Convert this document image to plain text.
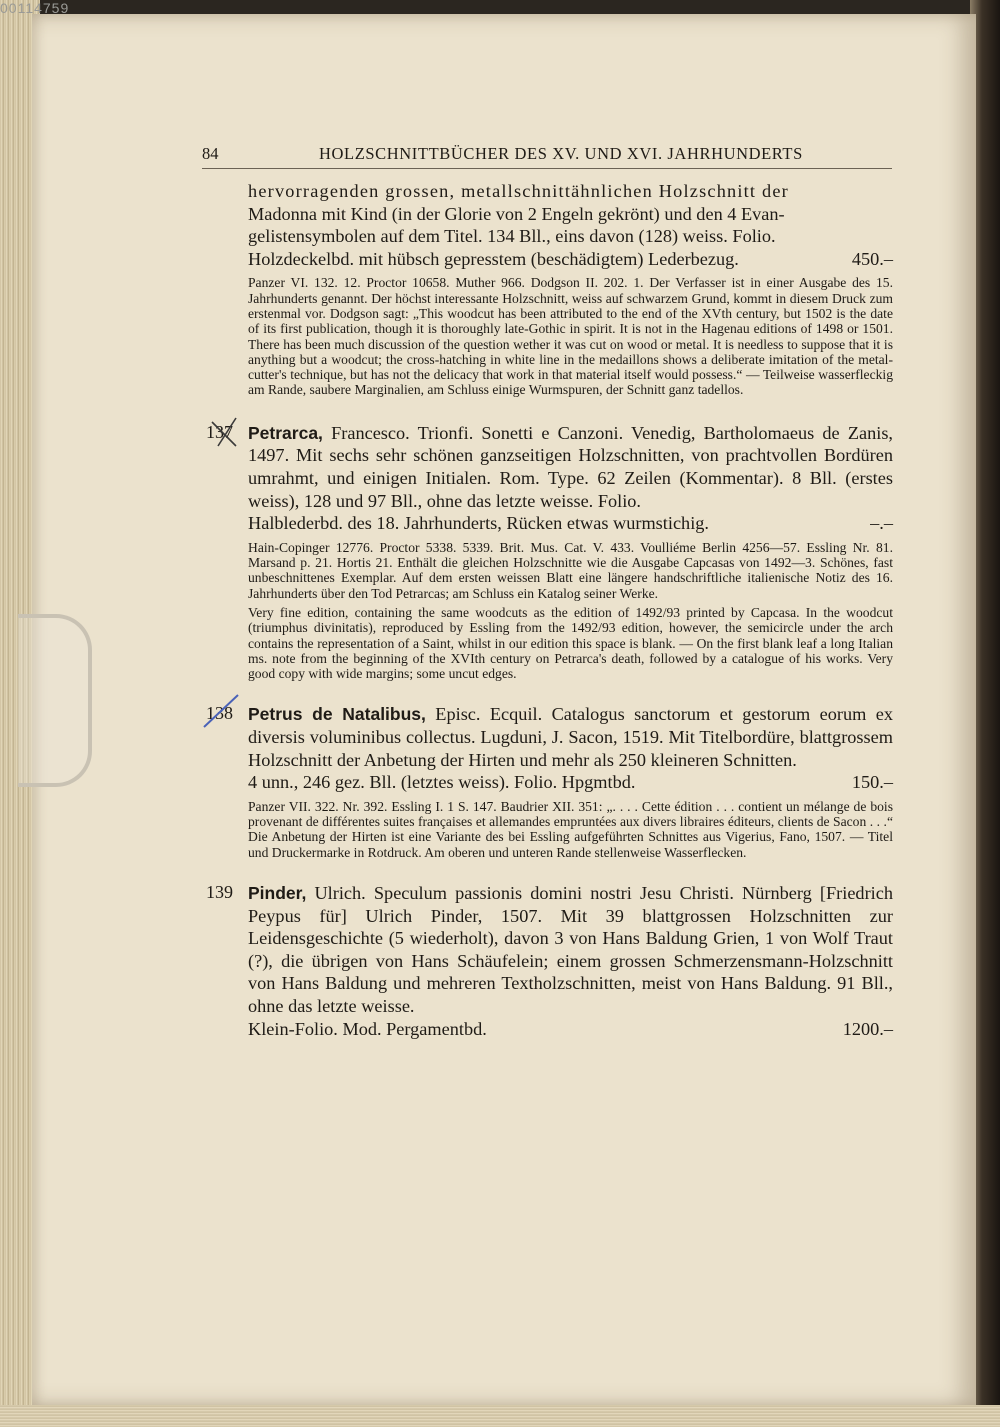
00114759
84	HOLZSCHNITTBÜCHER DES XV. UND XVI. JAHRHUNDERTS
hervorragenden grossen, metallschnittähnlichen Holzschnitt der
Madonna mit Kind (in der Glorie von 2 Engeln gekrönt) und den 4 Evan-
gelistensymbolen auf dem Titel. 134 Bll., eins davon (128) weiss. Folio.
Holzdeckelbd. mit hübsch gepresstem (beschädigtem) Lederbezug.	450.–
Panzer VI. 132. 12. Proctor 10658. Muther 966. Dodgson II. 202. 1. Der Verfasser ist in einer Ausgabe des 15. Jahrhunderts genannt. Der höchst interessante Holzschnitt, weiss auf schwarzem Grund, kommt in diesem Druck zum erstenmal vor. Dodgson sagt: „This woodcut has been attributed to the end of the XVth century, but 1502 is the date of its first publication, though it is thoroughly late-Gothic in spirit. It is not in the Hagenau editions of 1498 or 1501. There has been much discussion of the question wether it was cut on wood or metal. It is needless to suppose that it is anything but a woodcut; the cross-hatching in white line in the medaillons shows a deliberate imitation of the metal-cutter's technique, but has not the delicacy that work in that material itself would possess.“ — Teilweise wasserfleckig am Rande, saubere Marginalien, am Schluss einige Wurmspuren, der Schnitt ganz tadellos.
137 Petrarca, Francesco. Trionfi. Sonetti e Canzoni. Venedig, Bartholomaeus de Zanis, 1497. Mit sechs sehr schönen ganzseitigen Holzschnitten, von prachtvollen Bordüren umrahmt, und einigen Initialen. Rom. Type. 62 Zeilen (Kommentar). 8 Bll. (erstes weiss), 128 und 97 Bll., ohne das letzte weisse. Folio.
Halblederbd. des 18. Jahrhunderts, Rücken etwas wurmstichig.	–.–
Hain-Copinger 12776. Proctor 5338. 5339. Brit. Mus. Cat. V. 433. Voulliéme Berlin 4256—57. Essling Nr. 81. Marsand p. 21. Hortis 21. Enthält die gleichen Holzschnitte wie die Ausgabe Capcasas von 1492—3. Schönes, fast unbeschnittenes Exemplar. Auf dem ersten weissen Blatt eine längere handschriftliche italienische Notiz des 16. Jahrhunderts über den Tod Petrarcas; am Schluss ein Katalog seiner Werke.
Very fine edition, containing the same woodcuts as the edition of 1492/93 printed by Capcasa. In the woodcut (triumphus divinitatis), reproduced by Essling from the 1492/93 edition, however, the semicircle under the arch contains the representation of a Saint, whilst in our edition this space is blank. — On the first blank leaf a long Italian ms. note from the beginning of the XVIth century on Petrarca's death, followed by a catalogue of his works. Very good copy with wide margins; some uncut edges.
138 Petrus de Natalibus, Episc. Ecquil. Catalogus sanctorum et gestorum eorum ex diversis voluminibus collectus. Lugduni, J. Sacon, 1519. Mit Titelbordüre, blattgrossem Holzschnitt der Anbetung der Hirten und mehr als 250 kleineren Schnitten.
4 unn., 246 gez. Bll. (letztes weiss). Folio. Hpgmtbd.	150.–
Panzer VII. 322. Nr. 392. Essling I. 1 S. 147. Baudrier XII. 351: „. . . . Cette édition . . . contient un mélange de bois provenant de différentes suites françaises et allemandes empruntées aux divers libraires éditeurs, clients de Sacon . . .“ Die Anbetung der Hirten ist eine Variante des bei Essling aufgeführten Schnittes aus Vigerius, Fano, 1507. — Titel und Druckermarke in Rotdruck. Am oberen und unteren Rande stellenweise Wasserflecken.
139 Pinder, Ulrich. Speculum passionis domini nostri Jesu Christi. Nürnberg [Friedrich Peypus für] Ulrich Pinder, 1507. Mit 39 blattgrossen Holzschnitten zur Leidensgeschichte (5 wiederholt), davon 3 von Hans Baldung Grien, 1 von Wolf Traut (?), die übrigen von Hans Schäufelein; einem grossen Schmerzensmann-Holzschnitt von Hans Baldung und mehreren Textholzschnitten, meist von Hans Baldung. 91 Bll., ohne das letzte weisse.
Klein-Folio. Mod. Pergamentbd.	1200.–
